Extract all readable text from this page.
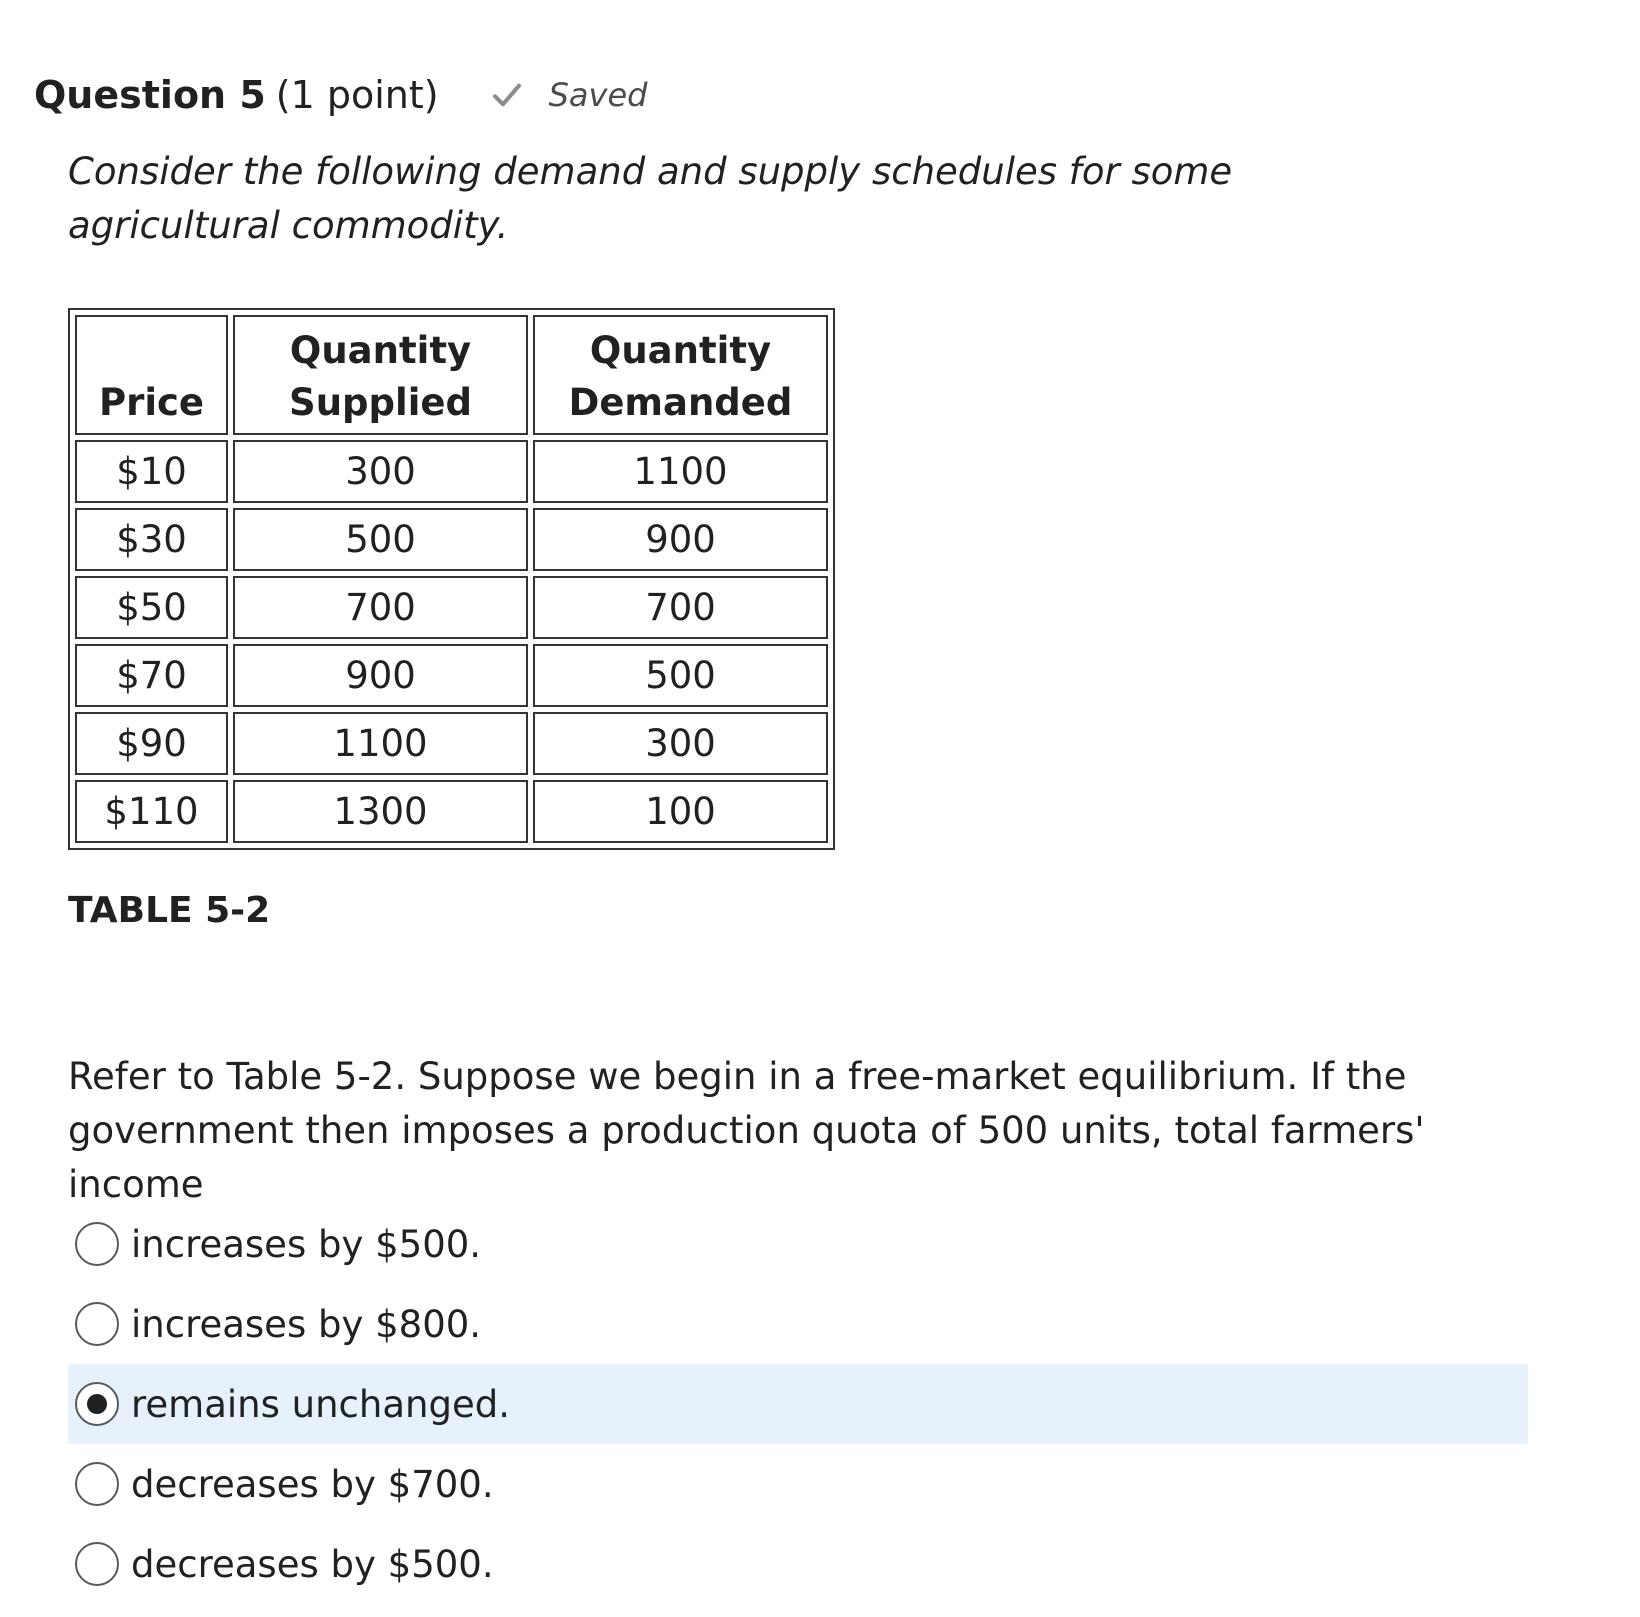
Question 5 (1 point)	Saved
Consider the following demand and supply schedules for some agricultural commodity.
Price	Quantity Supplied	Quantity Demanded
$10	300	1100
$30	500	900
$50	700	700
$70	900	500
$90	1100	300
$110	1300	100
TABLE 5-2
Refer to Table 5-2. Suppose we begin in a free-market equilibrium. If the government then imposes a production quota of 500 units, total farmers' income
increases by $500.
increases by $800.
remains unchanged.
decreases by $700.
decreases by $500.
